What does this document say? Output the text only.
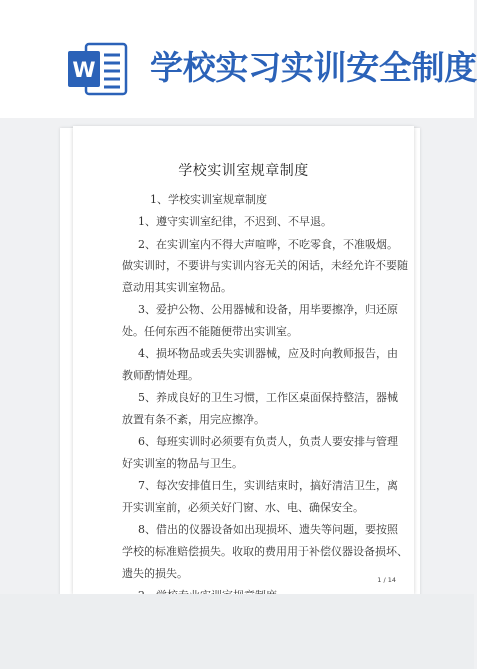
W 学校实习实训安全制度
学校实训室规章制度
1、学校实训室规章制度
1、遵守实训室纪律，不迟到、不早退。
2、在实训室内不得大声喧哗，不吃零食，不准吸烟。
做实训时，不要讲与实训内容无关的闲话，未经允许不要随
意动用其实训室物品。
3、爱护公物、公用器械和设备，用毕要擦净，归还原
处。任何东西不能随便带出实训室。
4、损坏物品或丢失实训器械，应及时向教师报告，由
教师酌情处理。
5、养成良好的卫生习惯，工作区桌面保持整洁，器械
放置有条不紊，用完应擦净。
6、每班实训时必须要有负责人，负责人要安排与管理
好实训室的物品与卫生。
7、每次安排值日生，实训结束时，搞好清洁卫生，离
开实训室前，必须关好门窗、水、电、确保安全。
8、借出的仪器设备如出现损坏、遗失等问题，要按照
学校的标准赔偿损失。收取的费用用于补偿仪器设备损坏、
遗失的损失。	1 / 14
